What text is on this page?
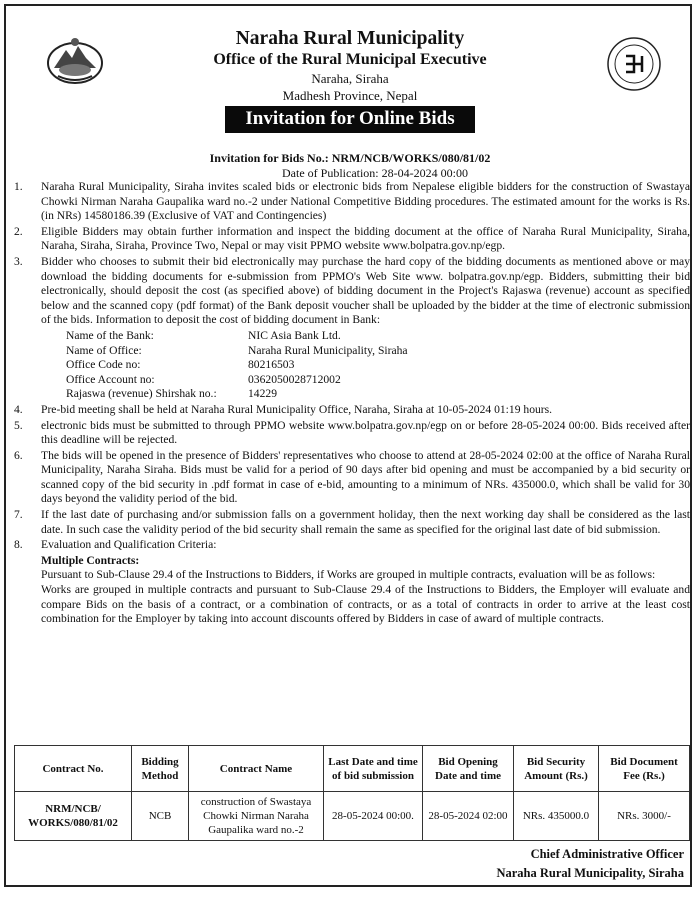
Naraha Rural Municipality
Office of the Rural Municipal Executive
Naraha, Siraha
Madhesh Province, Nepal
Invitation for Online Bids
Invitation for Bids No.: NRM/NCB/WORKS/080/81/02
Date of Publication: 28-04-2024 00:00
1.	Naraha Rural Municipality, Siraha invites scaled bids or electronic bids from Nepalese eligible bidders for the construction of Swastaya Chowki Nirman Naraha Gaupalika ward no.-2 under National Competitive Bidding procedures. The estimated amount for the works is Rs. (in NRs) 14580186.39 (Exclusive of VAT and Contingencies)
2.	Eligible Bidders may obtain further information and inspect the bidding document at the office of Naraha Rural Municipality, Siraha, Naraha, Siraha, Siraha, Province Two, Nepal or may visit PPMO website www.bolpatra.gov.np/egp.
3.	Bidder who chooses to submit their bid electronically may purchase the hard copy of the bidding documents as mentioned above or may download the bidding documents for e-submission from PPMO's Web Site www. bolpatra.gov.np/egp. Bidders, submitting their bid electronically, should deposit the cost (as specified above) of bidding document in the Project's Rajaswa (revenue) account as specified below and the scanned copy (pdf format) of the Bank deposit voucher shall be uploaded by the bidder at the time of electronic submission of the bids. Information to deposit the cost of bidding document in Bank:
Name of the Bank:	NIC Asia Bank Ltd.
Name of Office:	Naraha Rural Municipality, Siraha
Office Code no:	80216503
Office Account no:	0362050028712002
Rajaswa (revenue) Shirshak no.:	14229
4.	Pre-bid meeting shall be held at Naraha Rural Municipality Office, Naraha, Siraha at 10-05-2024 01:19 hours.
5.	electronic bids must be submitted to through PPMO website www.bolpatra.gov.np/egp on or before 28-05-2024 00:00. Bids received after this deadline will be rejected.
6.	The bids will be opened in the presence of Bidders' representatives who choose to attend at 28-05-2024 02:00 at the office of Naraha Rural Municipality, Naraha Siraha. Bids must be valid for a period of 90 days after bid opening and must be accompanied by a bid security or scanned copy of the bid security in .pdf format in case of e-bid, amounting to a minimum of NRs. 435000.0, which shall be valid for 30 days beyond the validity period of the bid.
7.	If the last date of purchasing and/or submission falls on a government holiday, then the next working day shall be considered as the last date. In such case the validity period of the bid security shall remain the same as specified for the original last date of bid submission.
8.	Evaluation and Qualification Criteria:
Multiple Contracts:
Pursuant to Sub-Clause 29.4 of the Instructions to Bidders, if Works are grouped in multiple contracts, evaluation will be as follows:
Works are grouped in multiple contracts and pursuant to Sub-Clause 29.4 of the Instructions to Bidders, the Employer will evaluate and compare Bids on the basis of a contract, or a combination of contracts, or as a total of contracts in order to arrive at the least cost combination for the Employer by taking into account discounts offered by Bidders in case of award of multiple contracts.
Contract No.	Bidding Method	Contract Name	Last Date and time of bid submission	Bid Opening Date and time	Bid Security Amount (Rs.)	Bid Document Fee (Rs.)
NRM/NCB/ WORKS/080/81/02	NCB	construction of Swastaya Chowki Nirman Naraha Gaupalika ward no.-2	28-05-2024 00:00.	28-05-2024 02:00	NRs. 435000.0	NRs. 3000/-
Chief Administrative Officer
Naraha Rural Municipality, Siraha
